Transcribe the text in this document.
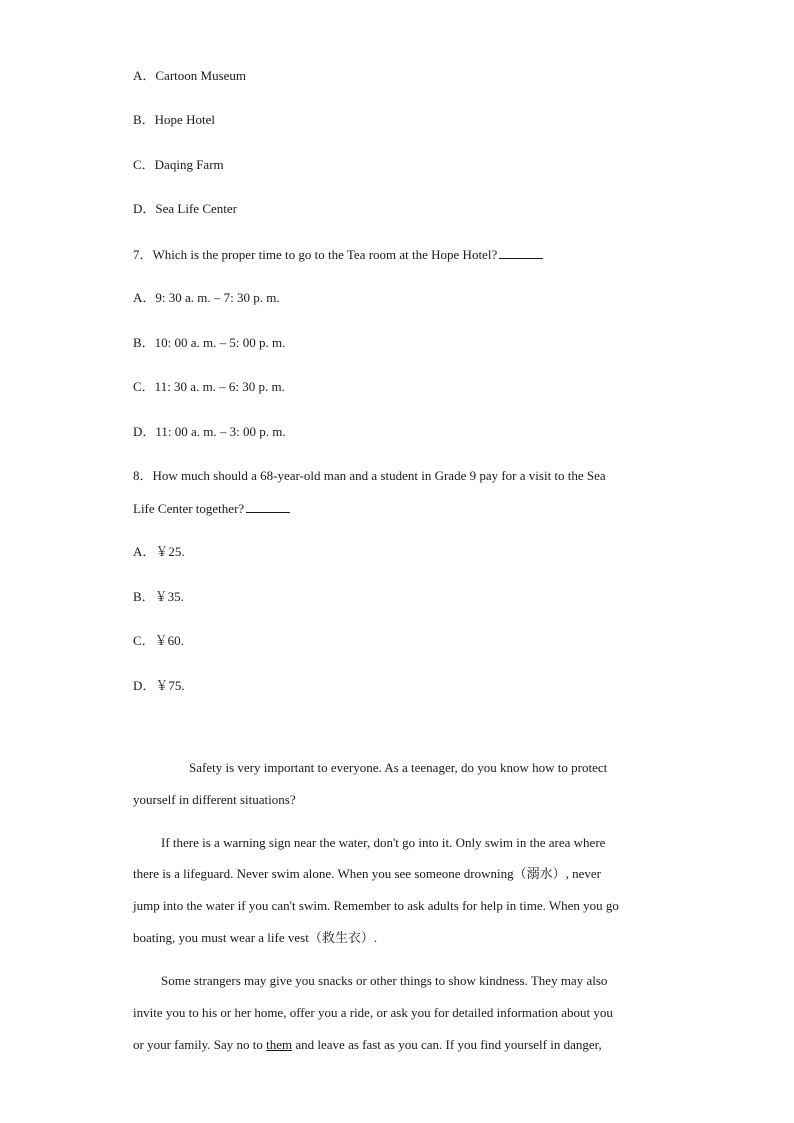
A．Cartoon Museum
B．Hope Hotel
C．Daqing Farm
D．Sea Life Center
7．Which is the proper time to go to the Tea room at the Hope Hotel?
A．9: 30 a. m. – 7: 30 p. m.
B．10: 00 a. m. – 5: 00 p. m.
C．11: 30 a. m. – 6: 30 p. m.
D．11: 00 a. m. – 3: 00 p. m.
8．How much should a 68-year-old man and a student in Grade 9 pay for a visit to the Sea
Life Center together?
A．￥25.
B．￥35.
C．￥60.
D．￥75.
Safety is very important to everyone. As a teenager, do you know how to protect
yourself in different situations?
If there is a warning sign near the water, don't go into it. Only swim in the area where
there is a lifeguard. Never swim alone. When you see someone drowning（溺水）, never
jump into the water if you can't swim. Remember to ask adults for help in time. When you go
boating, you must wear a life vest（救生衣）.
Some strangers may give you snacks or other things to show kindness. They may also
invite you to his or her home, offer you a ride, or ask you for detailed information about you
or your family. Say no to them and leave as fast as you can. If you find yourself in danger,
